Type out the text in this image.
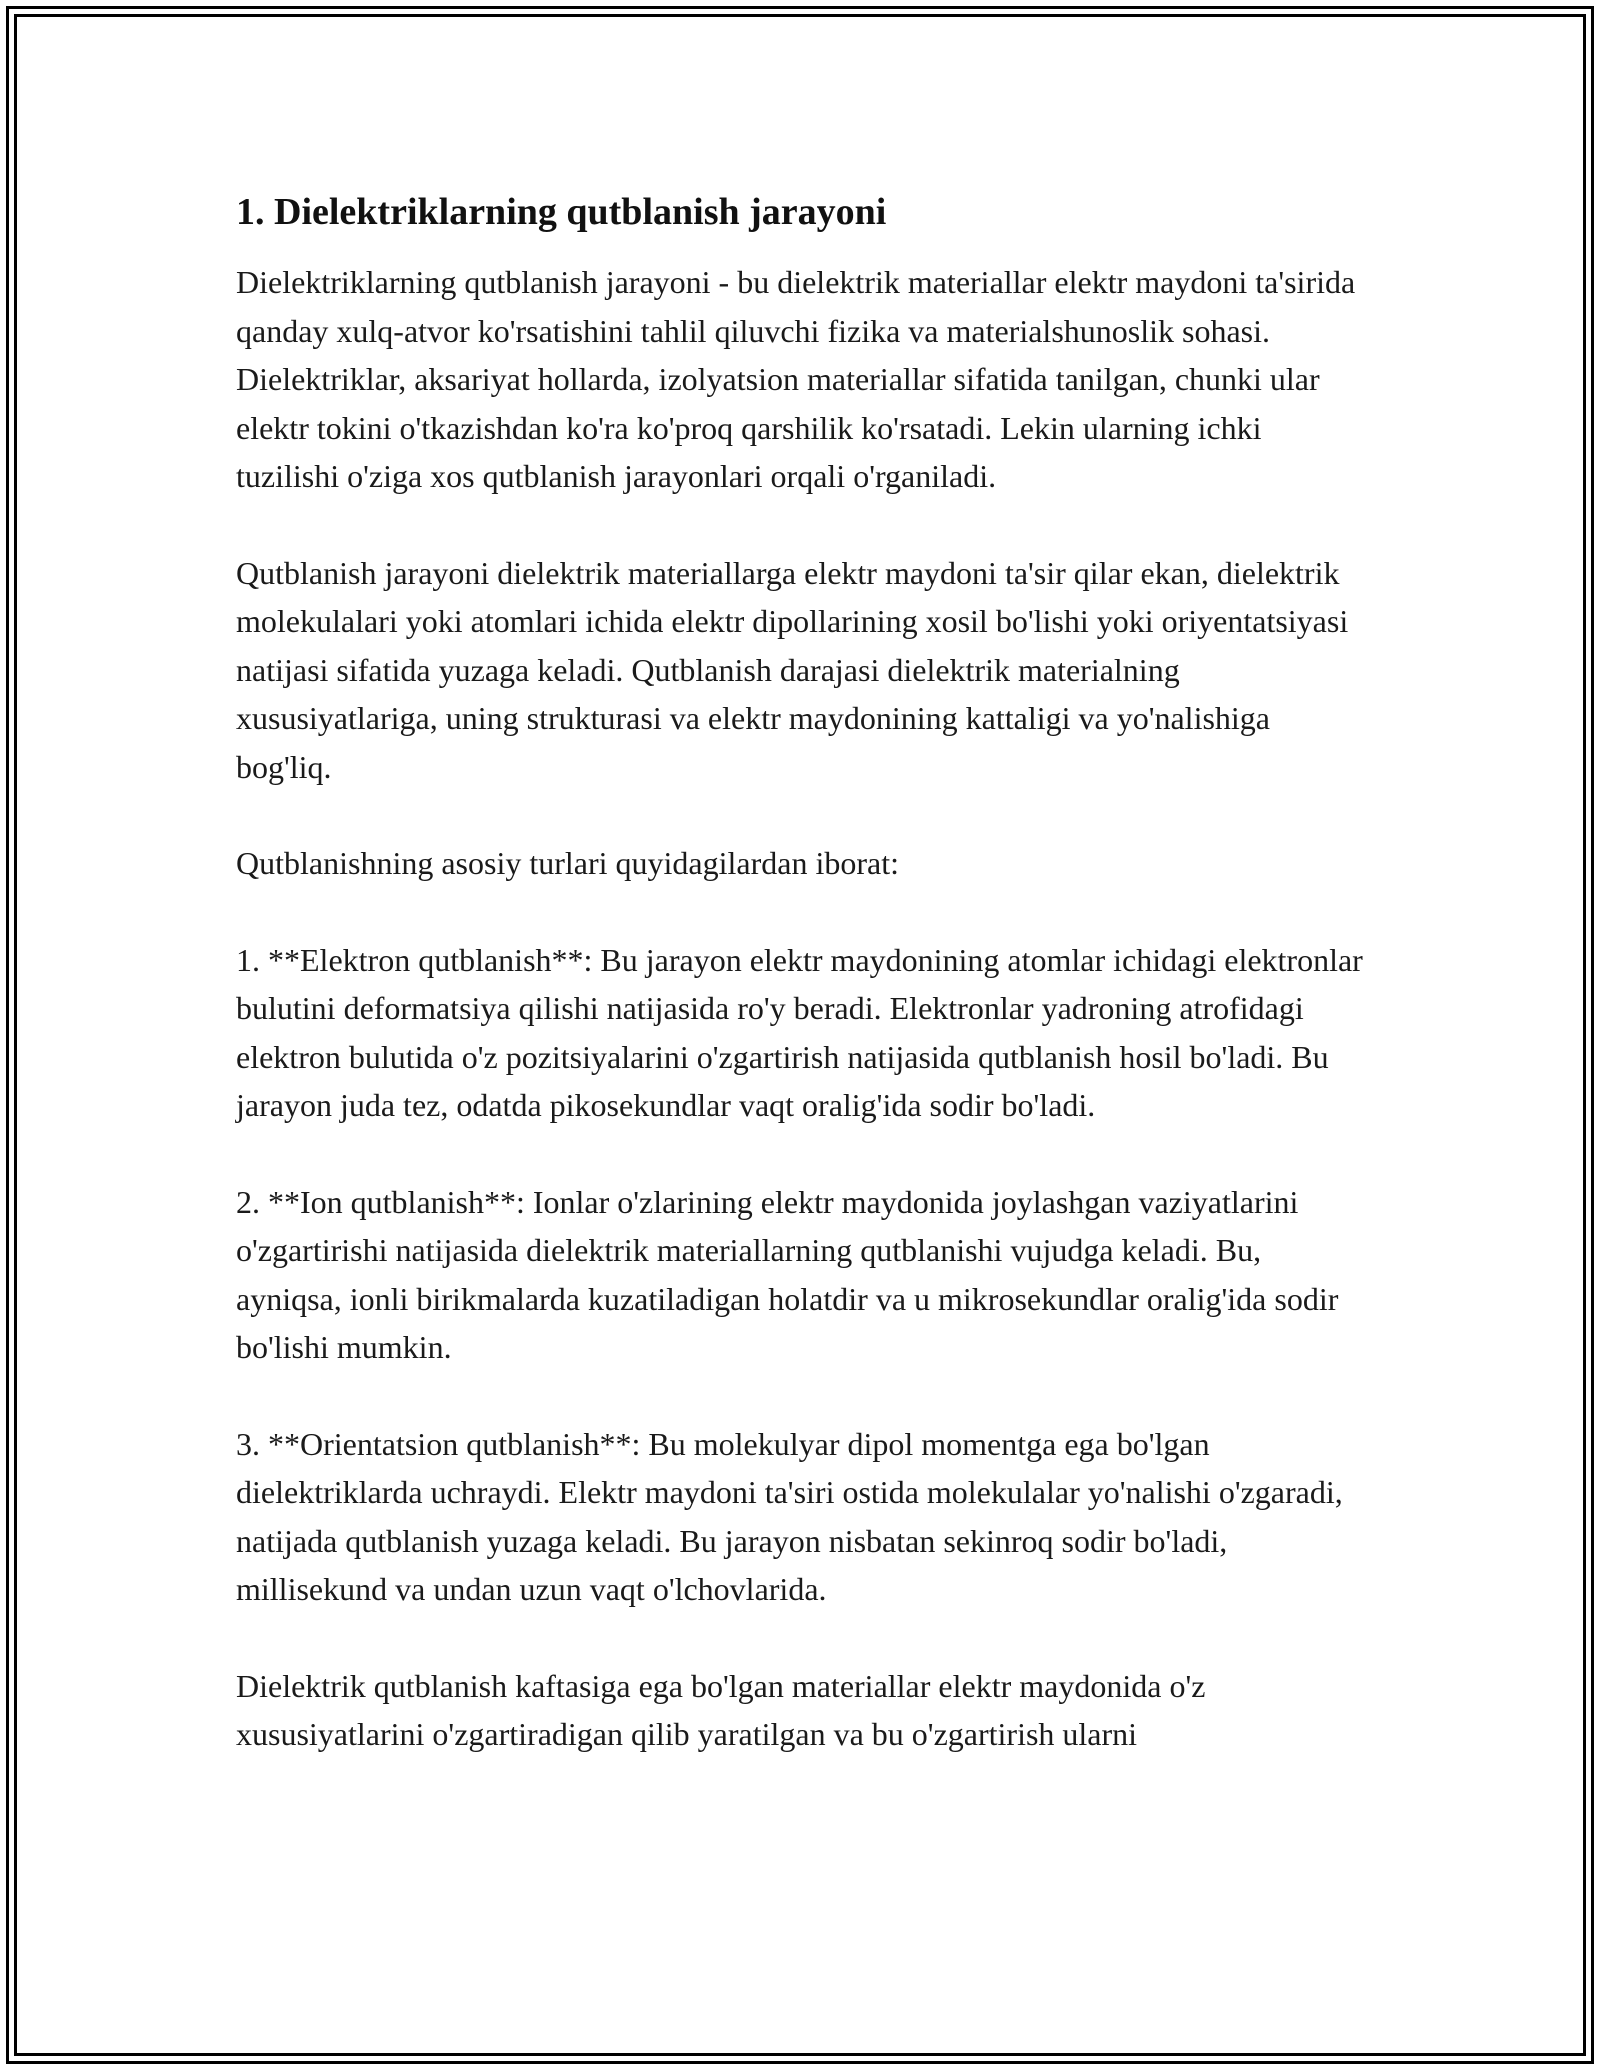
1. Dielektriklarning qutblanish jarayoni

Dielektriklarning qutblanish jarayoni - bu dielektrik materiallar elektr maydoni ta'sirida qanday xulq-atvor ko'rsatishini tahlil qiluvchi fizika va materialshunoslik sohasi. Dielektriklar, aksariyat hollarda, izolyatsion materiallar sifatida tanilgan, chunki ular elektr tokini o'tkazishdan ko'ra ko'proq qarshilik ko'rsatadi. Lekin ularning ichki tuzilishi o'ziga xos qutblanish jarayonlari orqali o'rganiladi.

Qutblanish jarayoni dielektrik materiallarga elektr maydoni ta'sir qilar ekan, dielektrik molekulalari yoki atomlari ichida elektr dipollarining xosil bo'lishi yoki oriyentatsiyasi natijasi sifatida yuzaga keladi. Qutblanish darajasi dielektrik materialning xususiyatlariga, uning strukturasi va elektr maydonining kattaligi va yo'nalishiga bog'liq.

Qutblanishning asosiy turlari quyidagilardan iborat:

1. **Elektron qutblanish**: Bu jarayon elektr maydonining atomlar ichidagi elektronlar bulutini deformatsiya qilishi natijasida ro'y beradi. Elektronlar yadroning atrofidagi elektron bulutida o'z pozitsiyalarini o'zgartirish natijasida qutblanish hosil bo'ladi. Bu jarayon juda tez, odatda pikosekundlar vaqt oralig'ida sodir bo'ladi.

2. **Ion qutblanish**: Ionlar o'zlarining elektr maydonida joylashgan vaziyatlarini o'zgartirishi natijasida dielektrik materiallarning qutblanishi vujudga keladi. Bu, ayniqsa, ionli birikmalarda kuzatiladigan holatdir va u mikrosekundlar oralig'ida sodir bo'lishi mumkin.

3. **Orientatsion qutblanish**: Bu molekulyar dipol momentga ega bo'lgan dielektriklarda uchraydi. Elektr maydoni ta'siri ostida molekulalar yo'nalishi o'zgaradi, natijada qutblanish yuzaga keladi. Bu jarayon nisbatan sekinroq sodir bo'ladi, millisekund va undan uzun vaqt o'lchovlarida.

Dielektrik qutblanish kaftasiga ega bo'lgan materiallar elektr maydonida o'z xususiyatlarini o'zgartiradigan qilib yaratilgan va bu o'zgartirish ularni
